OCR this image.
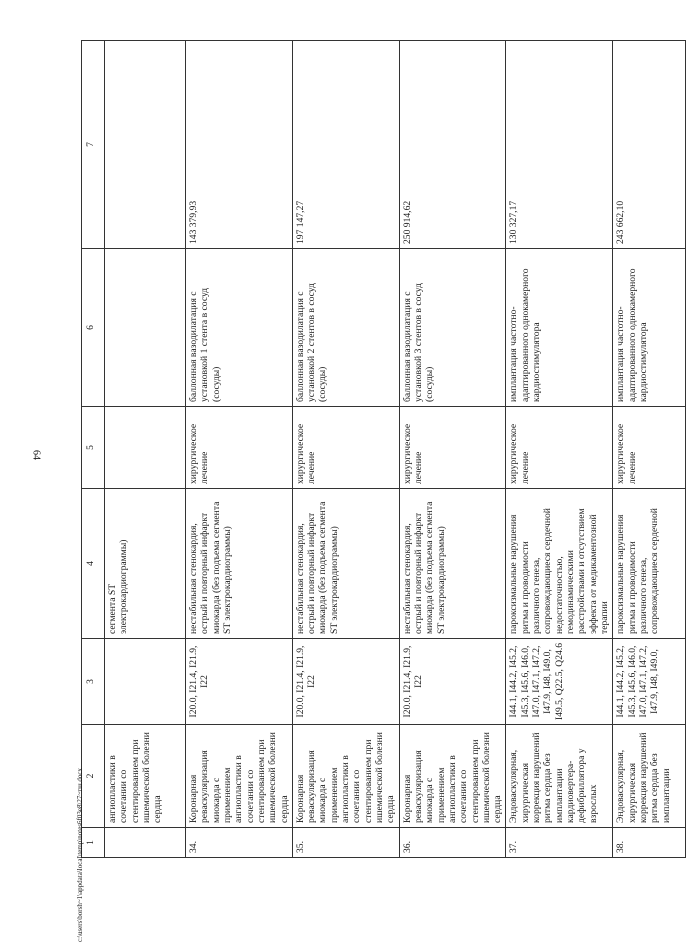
64
1	2	3	4	5	6	7
	ангиопластики в сочетании со стентированием при ишемической болезни сердца		сегмента ST электрокардиограммы)			
34.	Коронарная реваскуляризация миокарда с применением ангиопластики в сочетании со стентированием при ишемической болезни сердца	I20.0, I21.4, I21.9, I22	нестабильная стенокардия, острый и повторный инфаркт миокарда (без подъема сегмента ST электрокардиограммы)	хирургическое лечение	баллонная вазодилатация с установкой 1 стента в сосуд (сосуды)	143 379,93
35.	Коронарная реваскуляризация миокарда с применением ангиопластики в сочетании со стентированием при ишемической болезни сердца	I20.0, I21.4, I21.9, I22	нестабильная стенокардия, острый и повторный инфаркт миокарда (без подъема сегмента ST электрокардиограммы)	хирургическое лечение	баллонная вазодилатация с установкой 2 стентов в сосуд (сосуды)	197 147,27
36.	Коронарная реваскуляризация миокарда с применением ангиопластики в сочетании со стентированием при ишемической болезни сердца	I20.0, I21.4, I21.9, I22	нестабильная стенокардия, острый и повторный инфаркт миокарда (без подъема сегмента ST электрокардиограммы)	хирургическое лечение	баллонная вазодилатация с установкой 3 стентов в сосуд (сосуды)	250 914,62
37.	Эндоваскулярная, хирургическая коррекция нарушений ритма сердца без имплантации кардиовертера-дефибриллятора у взрослых	I44.1, I44.2, I45.2, I45.3, I45.6, I46.0, I47.0, I47.1, I47.2, I47.9, I48, I49.0, I49.5, Q22.5, Q24.6	пароксизмальные нарушения ритма и проводимости различного генеза, сопровождающиеся сердечной недостаточностью, гемодинамическими расстройствами и отсутствием эффекта от медикаментозной терапии	хирургическое лечение	имплантация частотно-адаптированного однокамерного кардиостимулятора	130 327,17
38.	Эндоваскулярная, хирургическая коррекция нарушений ритма сердца без имплантации	I44.1, I44.2, I45.2, I45.3, I45.6, I46.0, I47.0, I47.1, I47.2, I47.9, I48, I49.0,	пароксизмальные нарушения ритма и проводимости различного генеза, сопровождающиеся сердечной	хирургическое лечение	имплантация частотно-адаптированного однокамерного кардиостимулятора	243 662,10
c:\users\borsh~1\appdata\local\temp\notes6f03e8\27~тш.docx
